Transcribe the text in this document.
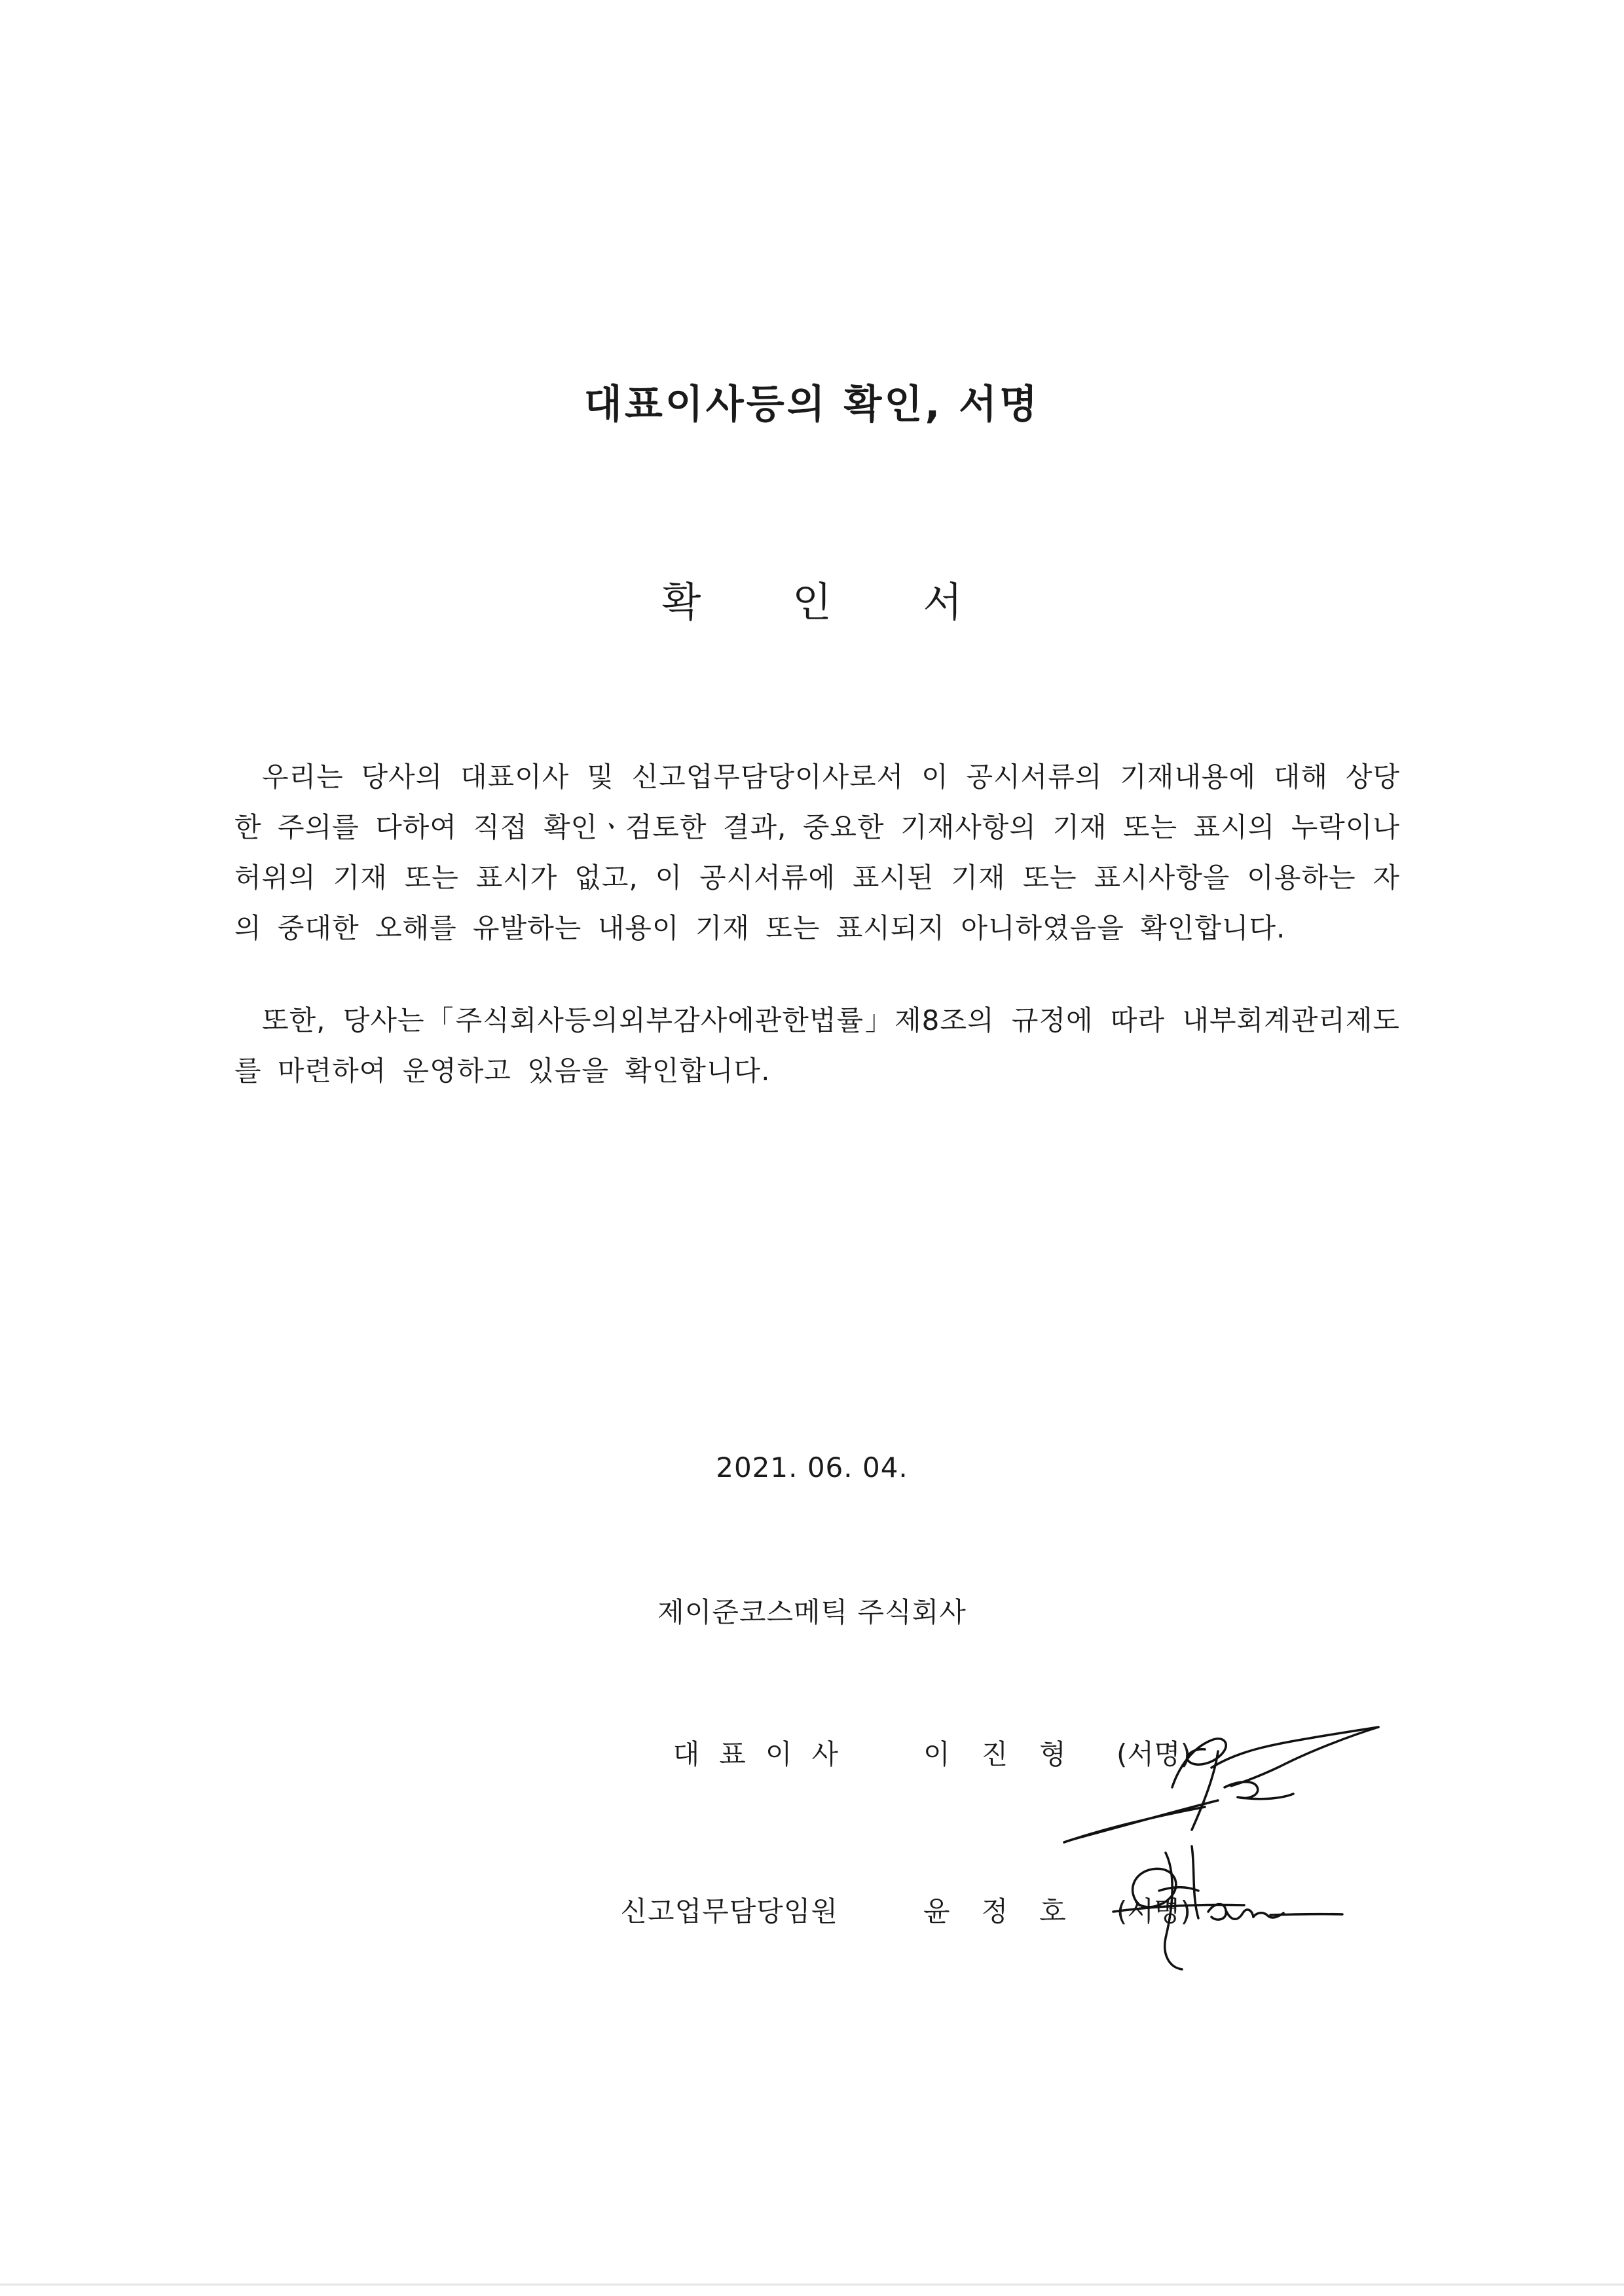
대표이사등의 확인, 서명
확 인 서
우리는 당사의 대표이사 및 신고업무담당이사로서 이 공시서류의 기재내용에 대해 상당한 주의를 다하여 직접 확인ㆍ검토한 결과, 중요한 기재사항의 기재 또는 표시의 누락이나 허위의 기재 또는 표시가 없고, 이 공시서류에 표시된 기재 또는 표시사항을 이용하는 자의 중대한 오해를 유발하는 내용이 기재 또는 표시되지 아니하였음을 확인합니다.
또한, 당사는「주식회사등의외부감사에관한법률」제8조의 규정에 따라 내부회계관리제도를 마련하여 운영하고 있음을 확인합니다.
2021. 06. 04.
제이준코스메틱 주식회사
대표이사 이진형 (서명)
신고업무담당임원	윤정호 (서명)
